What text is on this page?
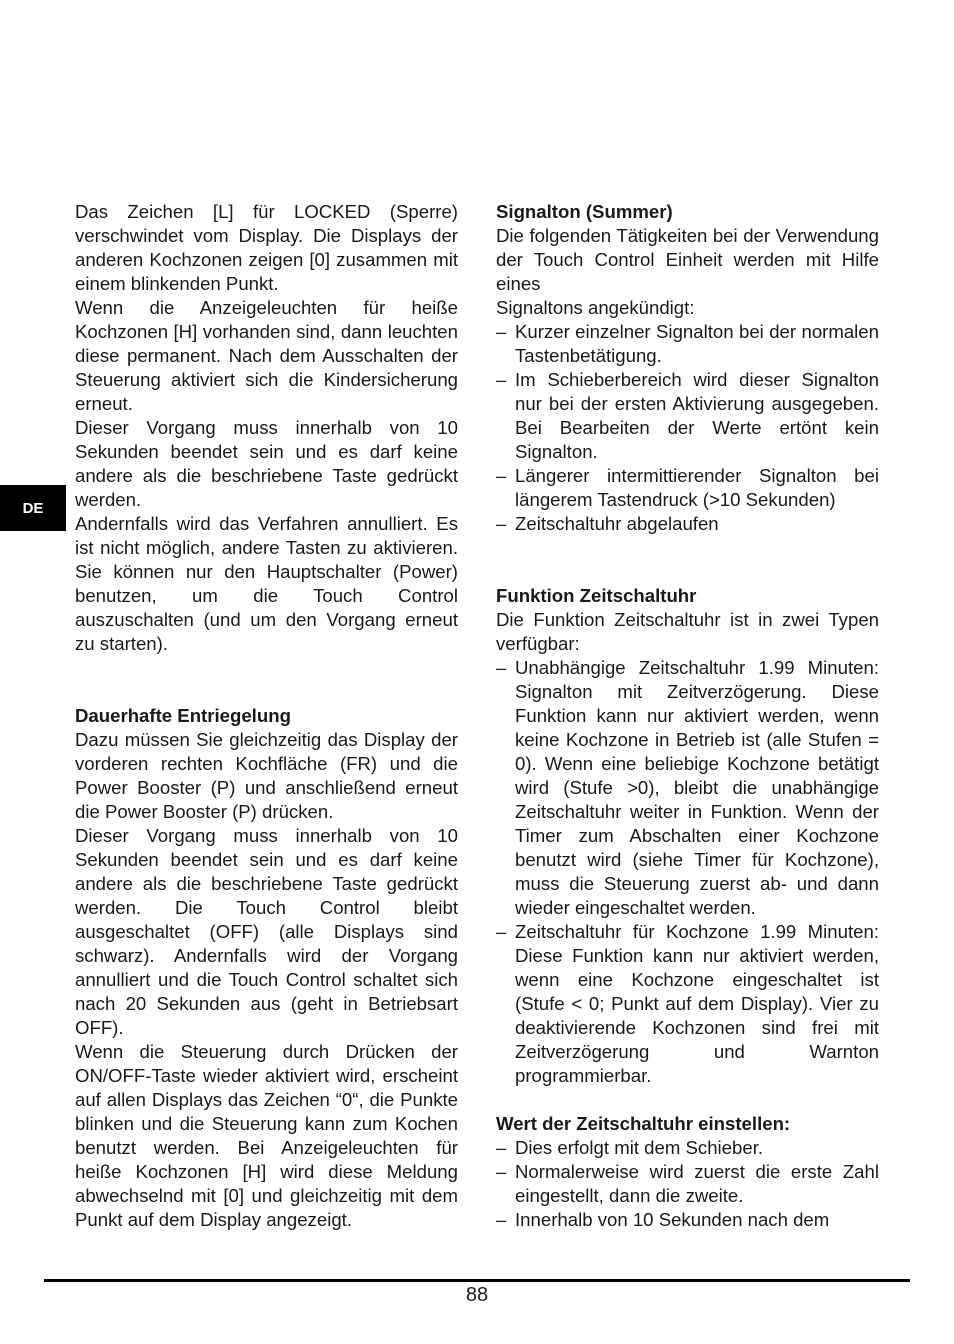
Das Zeichen [L] für LOCKED (Sperre) verschwindet vom Display. Die Displays der anderen Kochzonen zeigen [0] zusammen mit einem blinkenden Punkt.

Wenn die Anzeigeleuchten für heiße Kochzonen [H] vorhanden sind, dann leuchten diese permanent. Nach dem Ausschalten der Steuerung aktiviert sich die Kindersicherung erneut.

Dieser Vorgang muss innerhalb von 10 Sekunden beendet sein und es darf keine andere als die beschriebene Taste gedrückt werden.

Andernfalls wird das Verfahren annulliert. Es ist nicht möglich, andere Tasten zu aktivieren. Sie können nur den Hauptschalter (Power) benutzen, um die Touch Control auszuschalten (und um den Vorgang erneut zu starten).

Dauerhafte Entriegelung

Dazu müssen Sie gleichzeitig das Display der vorderen rechten Kochfläche (FR) und die Power Booster (P) und anschließend erneut die Power Booster (P) drücken.

Dieser Vorgang muss innerhalb von 10 Sekunden beendet sein und es darf keine andere als die beschriebene Taste gedrückt werden. Die Touch Control bleibt ausgeschaltet (OFF) (alle Displays sind schwarz). Andernfalls wird der Vorgang annulliert und die Touch Control schaltet sich nach 20 Sekunden aus (geht in Betriebsart OFF).

Wenn die Steuerung durch Drücken der ON/OFF-Taste wieder aktiviert wird, erscheint auf allen Displays das Zeichen “0“, die Punkte blinken und die Steuerung kann zum Kochen benutzt werden. Bei Anzeigeleuchten für heiße Kochzonen [H] wird diese Meldung abwechselnd mit [0] und gleichzeitig mit dem Punkt auf dem Display angezeigt.

Signalton (Summer)

Die folgenden Tätigkeiten bei der Verwendung der Touch Control Einheit werden mit Hilfe eines

Signaltons angekündigt:

– Kurzer einzelner Signalton bei der normalen Tastenbetätigung.
– Im Schieberbereich wird dieser Signalton nur bei der ersten Aktivierung ausgegeben. Bei Bearbeiten der Werte ertönt kein Signalton.
– Längerer intermittierender Signalton bei längerem Tastendruck (>10 Sekunden)
– Zeitschaltuhr abgelaufen
Funktion Zeitschaltuhr

Die Funktion Zeitschaltuhr ist in zwei Typen verfügbar:

– Unabhängige Zeitschaltuhr 1.99 Minuten: Signalton mit Zeitverzögerung. Diese Funktion kann nur aktiviert werden, wenn keine Kochzone in Betrieb ist (alle Stufen = 0). Wenn eine beliebige Kochzone betätigt wird (Stufe >0), bleibt die unabhängige Zeitschaltuhr weiter in Funktion. Wenn der Timer zum Abschalten einer Kochzone benutzt wird (siehe Timer für Kochzone), muss die Steuerung zuerst ab- und dann wieder eingeschaltet werden.
– Zeitschaltuhr für Kochzone 1.99 Minuten: Diese Funktion kann nur aktiviert werden, wenn eine Kochzone eingeschaltet ist (Stufe < 0; Punkt auf dem Display). Vier zu deaktivierende Kochzonen sind frei mit Zeitverzögerung und Warnton programmierbar.
Wert der Zeitschaltuhr einstellen:
– Dies erfolgt mit dem Schieber.
– Normalerweise wird zuerst die erste Zahl eingestellt, dann die zweite.
– Innerhalb von 10 Sekunden nach dem
DE
88
